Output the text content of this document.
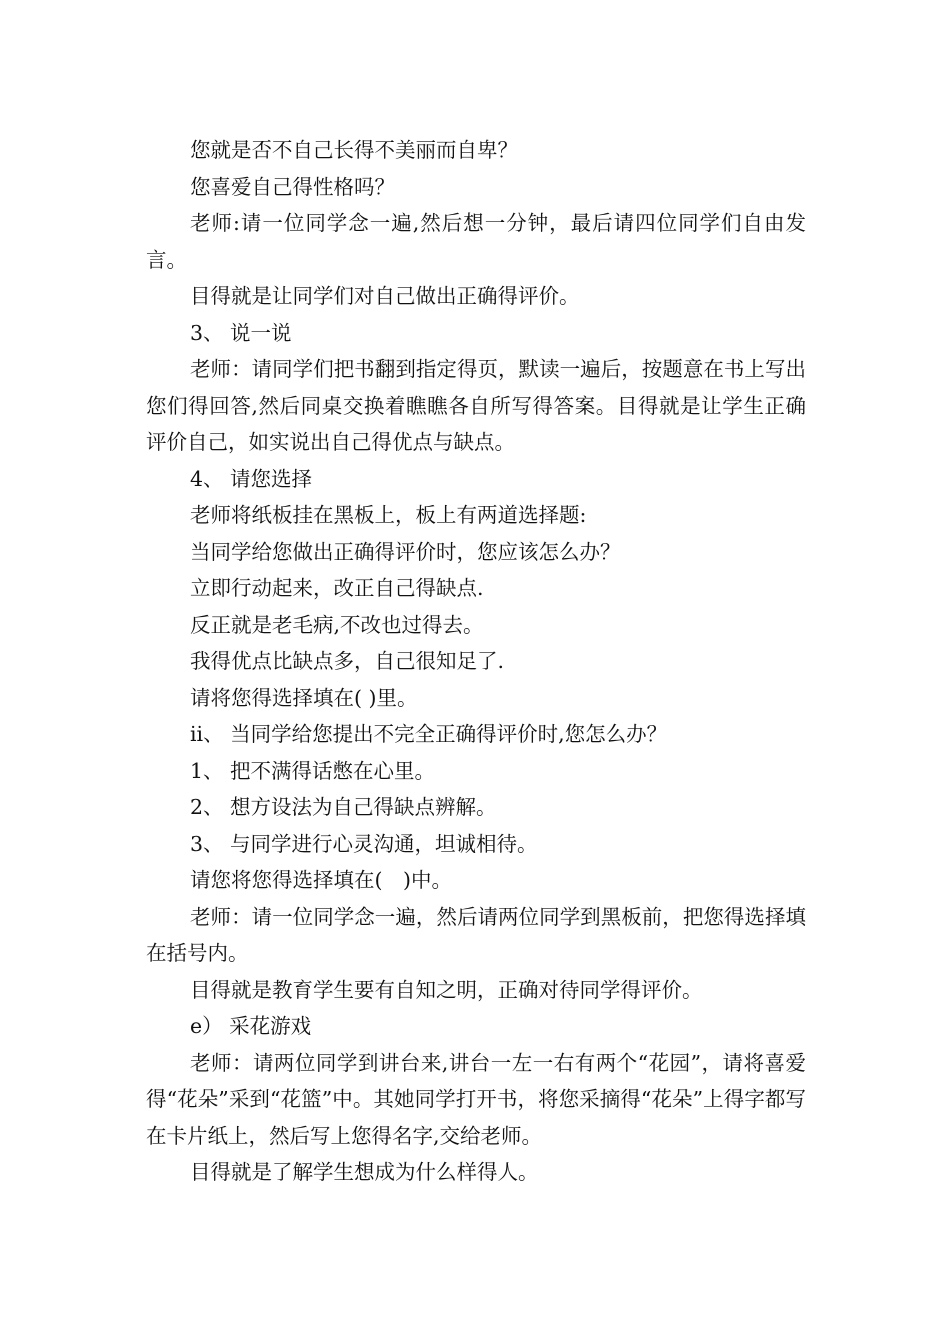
您就是否不自己长得不美丽而自卑？

您喜爱自己得性格吗？

老师:请一位同学念一遍,然后想一分钟，最后请四位同学们自由发言。

目得就是让同学们对自己做出正确得评价。

3、 说一说

老师：请同学们把书翻到指定得页，默读一遍后，按题意在书上写出您们得回答,然后同桌交换着瞧瞧各自所写得答案。目得就是让学生正确评价自己，如实说出自己得优点与缺点。

4、 请您选择

老师将纸板挂在黑板上，板上有两道选择题:

当同学给您做出正确得评价时，您应该怎么办？

立即行动起来，改正自己得缺点.

反正就是老毛病,不改也过得去。

我得优点比缺点多，自己很知足了.

请将您得选择填在( )里。

ii、 当同学给您提出不完全正确得评价时,您怎么办？

1、 把不满得话憋在心里。

2、 想方设法为自己得缺点辨解。

3、 与同学进行心灵沟通，坦诚相待。

请您将您得选择填在(　)中。

老师：请一位同学念一遍，然后请两位同学到黑板前，把您得选择填在括号内。

目得就是教育学生要有自知之明，正确对待同学得评价。

e） 采花游戏

老师：请两位同学到讲台来,讲台一左一右有两个“花园”，请将喜爱得“花朵”采到“花篮”中。其她同学打开书，将您采摘得“花朵”上得字都写在卡片纸上，然后写上您得名字,交给老师。

目得就是了解学生想成为什么样得人。
